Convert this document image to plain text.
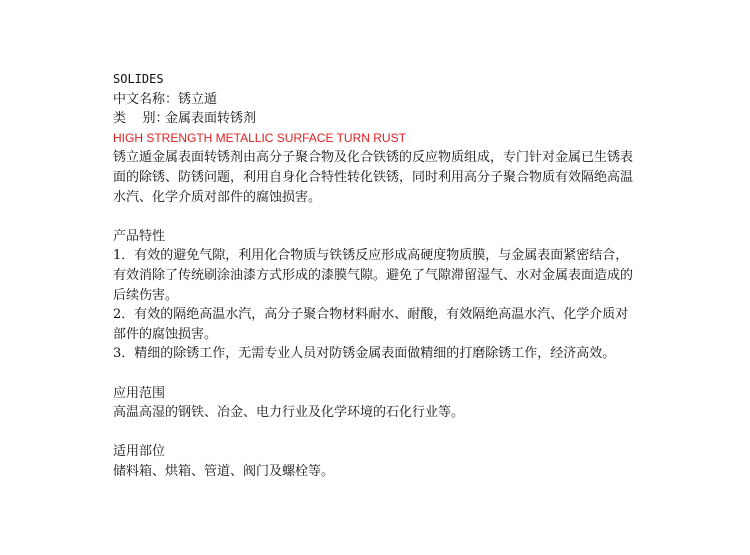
SOLIDES
中文名称：锈立遁
类    别：金属表面转锈剂
HIGH STRENGTH METALLIC SURFACE TURN RUST
锈立遁金属表面转锈剂由高分子聚合物及化合铁锈的反应物质组成，专门针对金属已生锈表
面的除锈、防锈问题，利用自身化合特性转化铁锈，同时利用高分子聚合物质有效隔绝高温
水汽、化学介质对部件的腐蚀损害。
产品特性
1．有效的避免气隙，利用化合物质与铁锈反应形成高硬度物质膜，与金属表面紧密结合，
有效消除了传统刷涂油漆方式形成的漆膜气隙。避免了气隙滞留湿气、水对金属表面造成的
后续伤害。
2．有效的隔绝高温水汽，高分子聚合物材料耐水、耐酸，有效隔绝高温水汽、化学介质对
部件的腐蚀损害。
3．精细的除锈工作，无需专业人员对防锈金属表面做精细的打磨除锈工作，经济高效。
应用范围
高温高湿的钢铁、冶金、电力行业及化学环境的石化行业等。
适用部位
储料箱、烘箱、管道、阀门及螺栓等。
